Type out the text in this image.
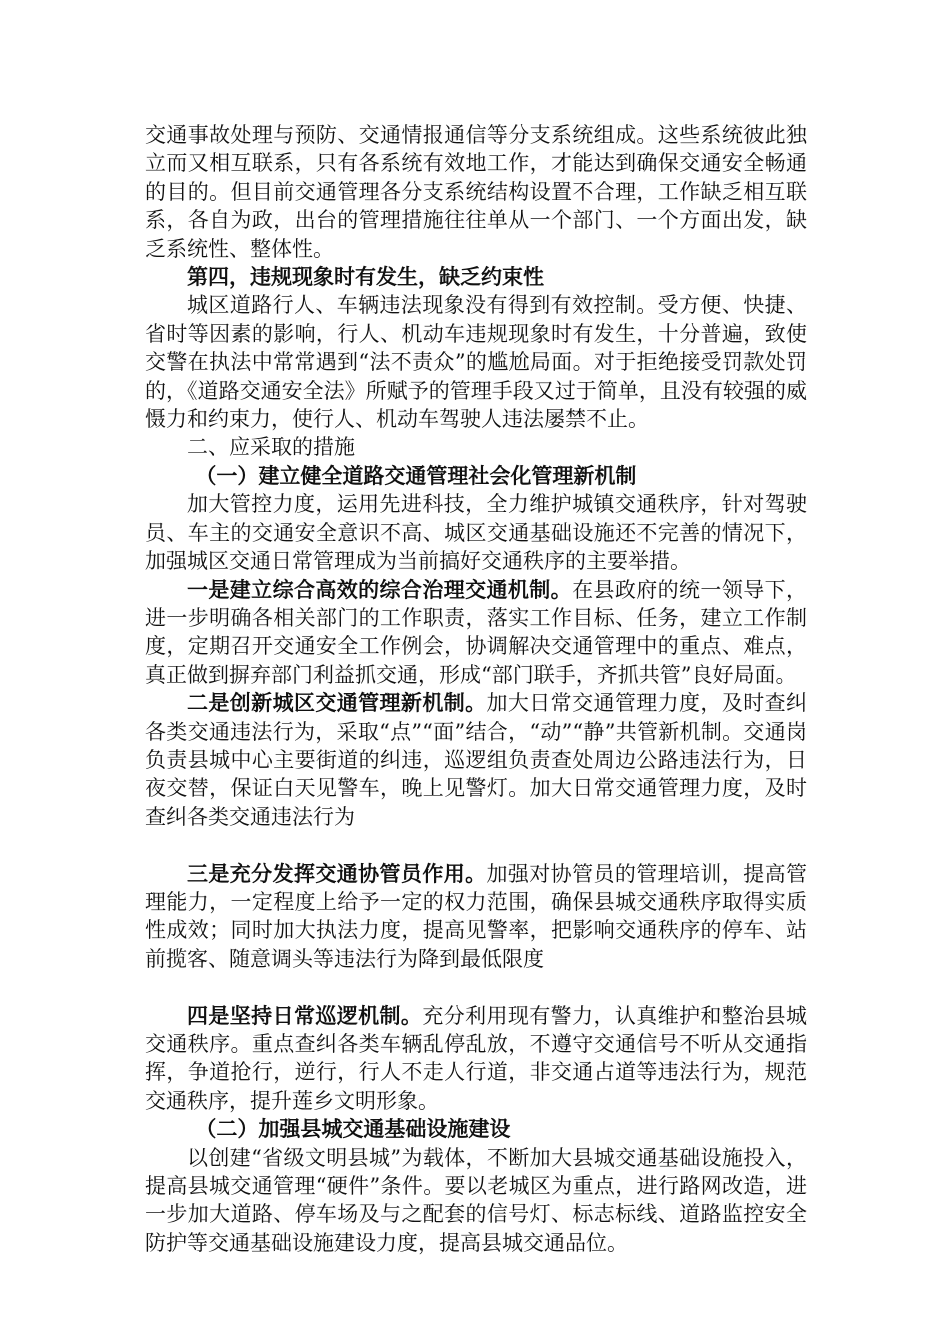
交通事故处理与预防、交通情报通信等分支系统组成。这些系统彼此独立而又相互联系，只有各系统有效地工作，才能达到确保交通安全畅通的目的。但目前交通管理各分支系统结构设置不合理，工作缺乏相互联系，各自为政，出台的管理措施往往单从一个部门、一个方面出发，缺乏系统性、整体性。

第四，违规现象时有发生，缺乏约束性

城区道路行人、车辆违法现象没有得到有效控制。受方便、快捷、省时等因素的影响，行人、机动车违规现象时有发生，十分普遍，致使交警在执法中常常遇到“法不责众”的尴尬局面。对于拒绝接受罚款处罚的，《道路交通安全法》所赋予的管理手段又过于简单，且没有较强的威慑力和约束力，使行人、机动车驾驶人违法屡禁不止。

二、应采取的措施

（一）建立健全道路交通管理社会化管理新机制

加大管控力度，运用先进科技，全力维护城镇交通秩序，针对驾驶员、车主的交通安全意识不高、城区交通基础设施还不完善的情况下，加强城区交通日常管理成为当前搞好交通秩序的主要举措。

一是建立综合高效的综合治理交通机制。在县政府的统一领导下，进一步明确各相关部门的工作职责，落实工作目标、任务，建立工作制度，定期召开交通安全工作例会，协调解决交通管理中的重点、难点，真正做到摒弃部门利益抓交通，形成“部门联手，齐抓共管”良好局面。

二是创新城区交通管理新机制。加大日常交通管理力度，及时查纠各类交通违法行为，采取“点”“面”结合，“动”“静”共管新机制。交通岗负责县城中心主要街道的纠违，巡逻组负责查处周边公路违法行为，日夜交替，保证白天见警车，晚上见警灯。加大日常交通管理力度，及时查纠各类交通违法行为

三是充分发挥交通协管员作用。加强对协管员的管理培训，提高管理能力，一定程度上给予一定的权力范围，确保县城交通秩序取得实质性成效；同时加大执法力度，提高见警率，把影响交通秩序的停车、站前揽客、随意调头等违法行为降到最低限度

四是坚持日常巡逻机制。充分利用现有警力，认真维护和整治县城交通秩序。重点查纠各类车辆乱停乱放，不遵守交通信号不听从交通指挥，争道抢行，逆行，行人不走人行道，非交通占道等违法行为，规范交通秩序，提升莲乡文明形象。

（二）加强县城交通基础设施建设

以创建“省级文明县城”为载体，不断加大县城交通基础设施投入，提高县城交通管理“硬件”条件。要以老城区为重点，进行路网改造，进一步加大道路、停车场及与之配套的信号灯、标志标线、道路监控安全防护等交通基础设施建设力度，提高县城交通品位。
